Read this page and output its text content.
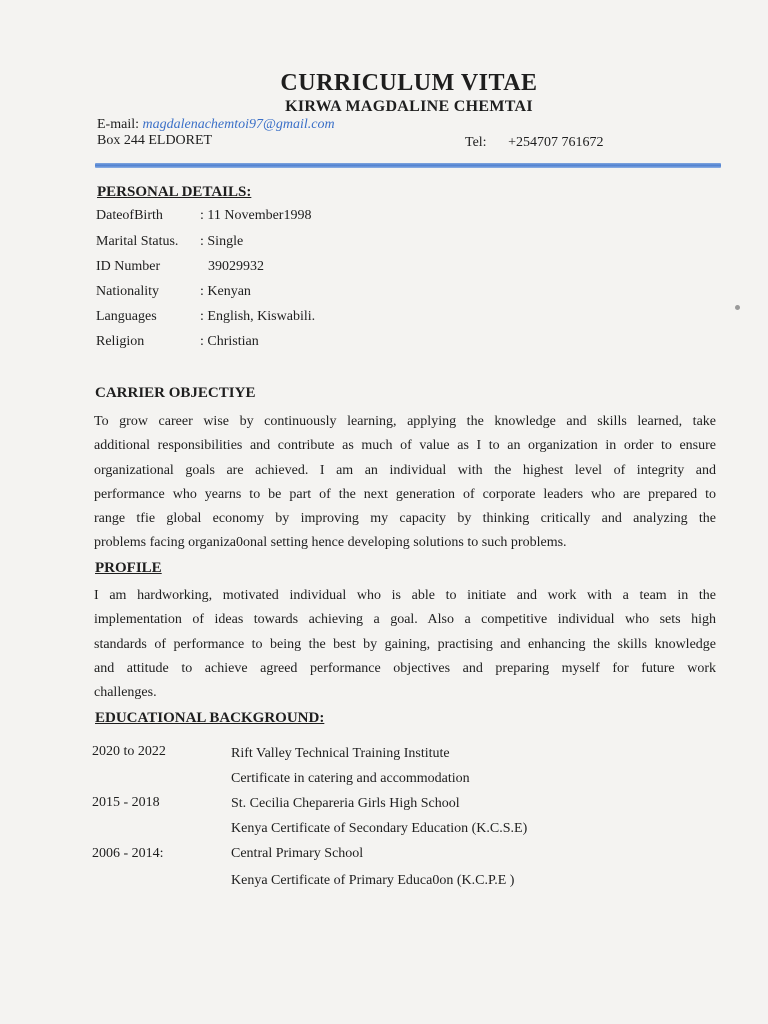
CURRICULUM VITAE
KIRWA MAGDALINE CHEMTAI
E-mail: magdalenachemtoi97@gmail.com
Box 244 ELDORET	Tel: +254707 761672
PERSONAL DETAILS:
DateofBirth	: 11 November1998
Marital Status.: Single
ID Number	39029932
Nationality	: Kenyan
Languages	: English, Kiswabili.
Religion	: Christian
CARRIER OBJECTIYE
To grow career wise by continuously learning, applying the knowledge and skills learned, take
additional responsibilities and contribute as much of value as I to an organization in order to ensure
organizational goals are achieved. I am an individual with the highest level of integrity and
performance who yearns to be part of the next generation of corporate leaders who are prepared to
range tfie global economy by improving my capacity by thinking critically and analyzing the
problems facing organiza0onal setting hence developing solutions to such problems.
PROFILE
I am hardworking, motivated individual who is able to initiate and work with a team in the
implementation of ideas towards achieving a goal. Also a competitive individual who sets high
standards of performance to being the best by gaining, practising and enhancing the skills knowledge
and attitude to achieve agreed performance objectives and preparing myself for future work
challenges.
EDUCATIONAL BACKGROUND:
2020 to 2022	Rift Valley Technical Training Institute
Certificate in catering and accommodation
2015 - 2018	St. Cecilia Chepareria Girls High School
Kenya Certificate of Secondary Education (K.C.S.E)
2006 - 2014:	Central Primary School
Kenya Certificate of Primary Educa0on (K.C.P.E )
